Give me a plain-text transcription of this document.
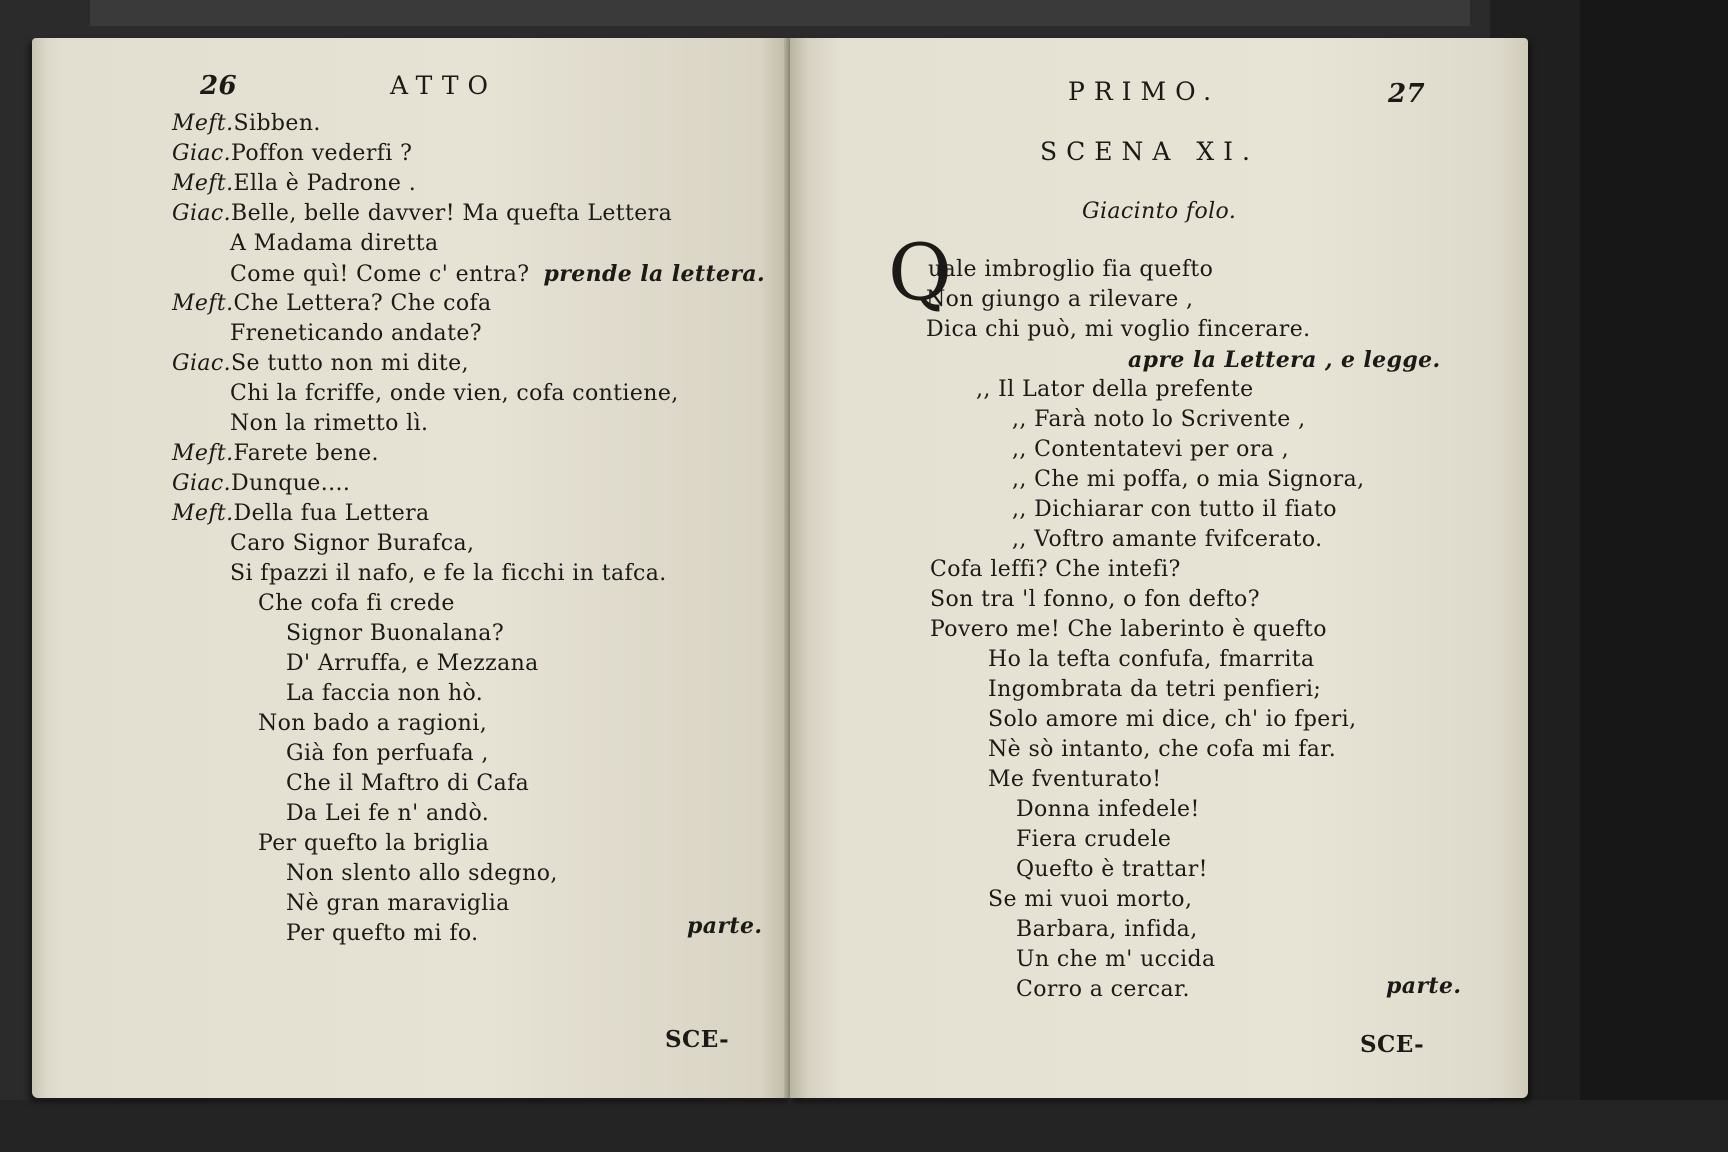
26	ATTO
Meft.Sibben.
Giac.Poffon vederfi ?
Meft.Ella è Padrone .
Giac.Belle, belle davver! Ma quefta Lettera
A Madama diretta
Come quì! Come c' entra? prende la lettera.
Meft.Che Lettera? Che cofa
Freneticando andate?
Giac.Se tutto non mi dite,
Chi la fcriffe, onde vien, cofa contiene,
Non la rimetto lì.
Meft.Farete bene.
Giac.Dunque....
Meft.Della fua Lettera
Caro Signor Burafca,
Si fpazzi il nafo, e fe la ficchi in tafca.
Che cofa fi crede
Signor Buonalana?
D' Arruffa, e Mezzana
La faccia non hò.
Non bado a ragioni,
Già fon perfuafa ,
Che il Maftro di Cafa
Da Lei fe n' andò.
Per quefto la briglia
Non slento allo sdegno,
Nè gran maraviglia
Per quefto mi fo.	parte.
SCE-
PRIMO.	27
SCENA XI.
Giacinto folo.
Q
uale imbroglio fia quefto
Non giungo a rilevare ,
Dica chi può, mi voglio fincerare.
apre la Lettera , e legge.
,, Il Lator della prefente
,, Farà noto lo Scrivente ,
,, Contentatevi per ora ,
,, Che mi poffa, o mia Signora,
,, Dichiarar con tutto il fiato
,, Voftro amante fvifcerato.
Cofa leffi? Che intefi?
Son tra 'l fonno, o fon defto?
Povero me! Che laberinto è quefto
Ho la tefta confufa, fmarrita
Ingombrata da tetri penfieri;
Solo amore mi dice, ch' io fperi,
Nè sò intanto, che cofa mi far.
Me fventurato!
Donna infedele!
Fiera crudele
Quefto è trattar!
Se mi vuoi morto,
Barbara, infida,
Un che m' uccida
Corro a cercar.	parte.
SCE-
